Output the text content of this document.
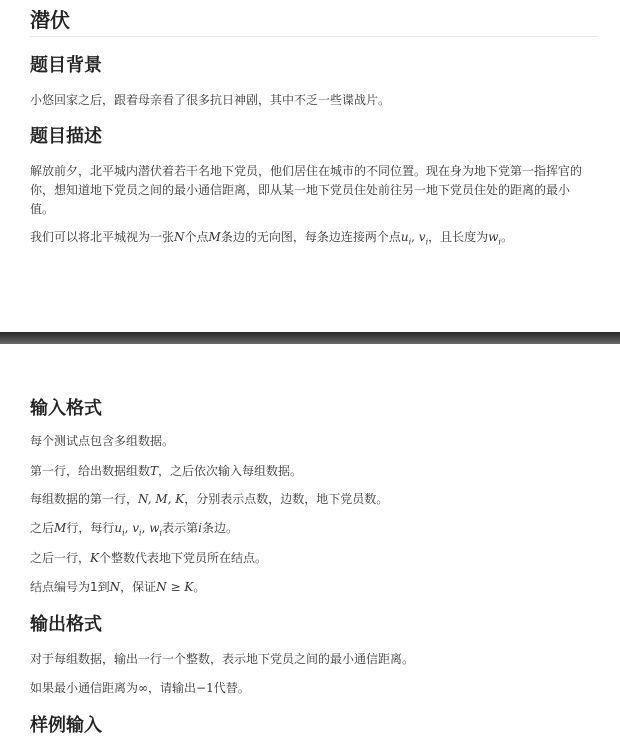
潜伏
题目背景

小悠回家之后，跟着母亲看了很多抗日神剧，其中不乏一些谍战片。

题目描述

解放前夕，北平城内潜伏着若干名地下党员，他们居住在城市的不同位置。现在身为地下党第一指挥官的你，想知道地下党员之间的最小通信距离，即从某一地下党员住处前往另一地下党员住处的距离的最小值。

我们可以将北平城视为一张N个点M条边的无向图，每条边连接两个点$u_i$, $v_i$，且长度为$w_i$。

输入格式

每个测试点包含多组数据。

第一行，给出数据组数T，之后依次输入每组数据。

每组数据的第一行，N, M, K，分别表示点数，边数，地下党员数。

之后M行，每行$u_i$, $v_i$, $w_i$表示第i条边。

之后一行，K个整数代表地下党员所在结点。

结点编号为1到N，保证N ≥ K。

输出格式

对于每组数据，输出一行一个整数，表示地下党员之间的最小通信距离。

如果最小通信距离为∞，请输出−1代替。

样例输入
